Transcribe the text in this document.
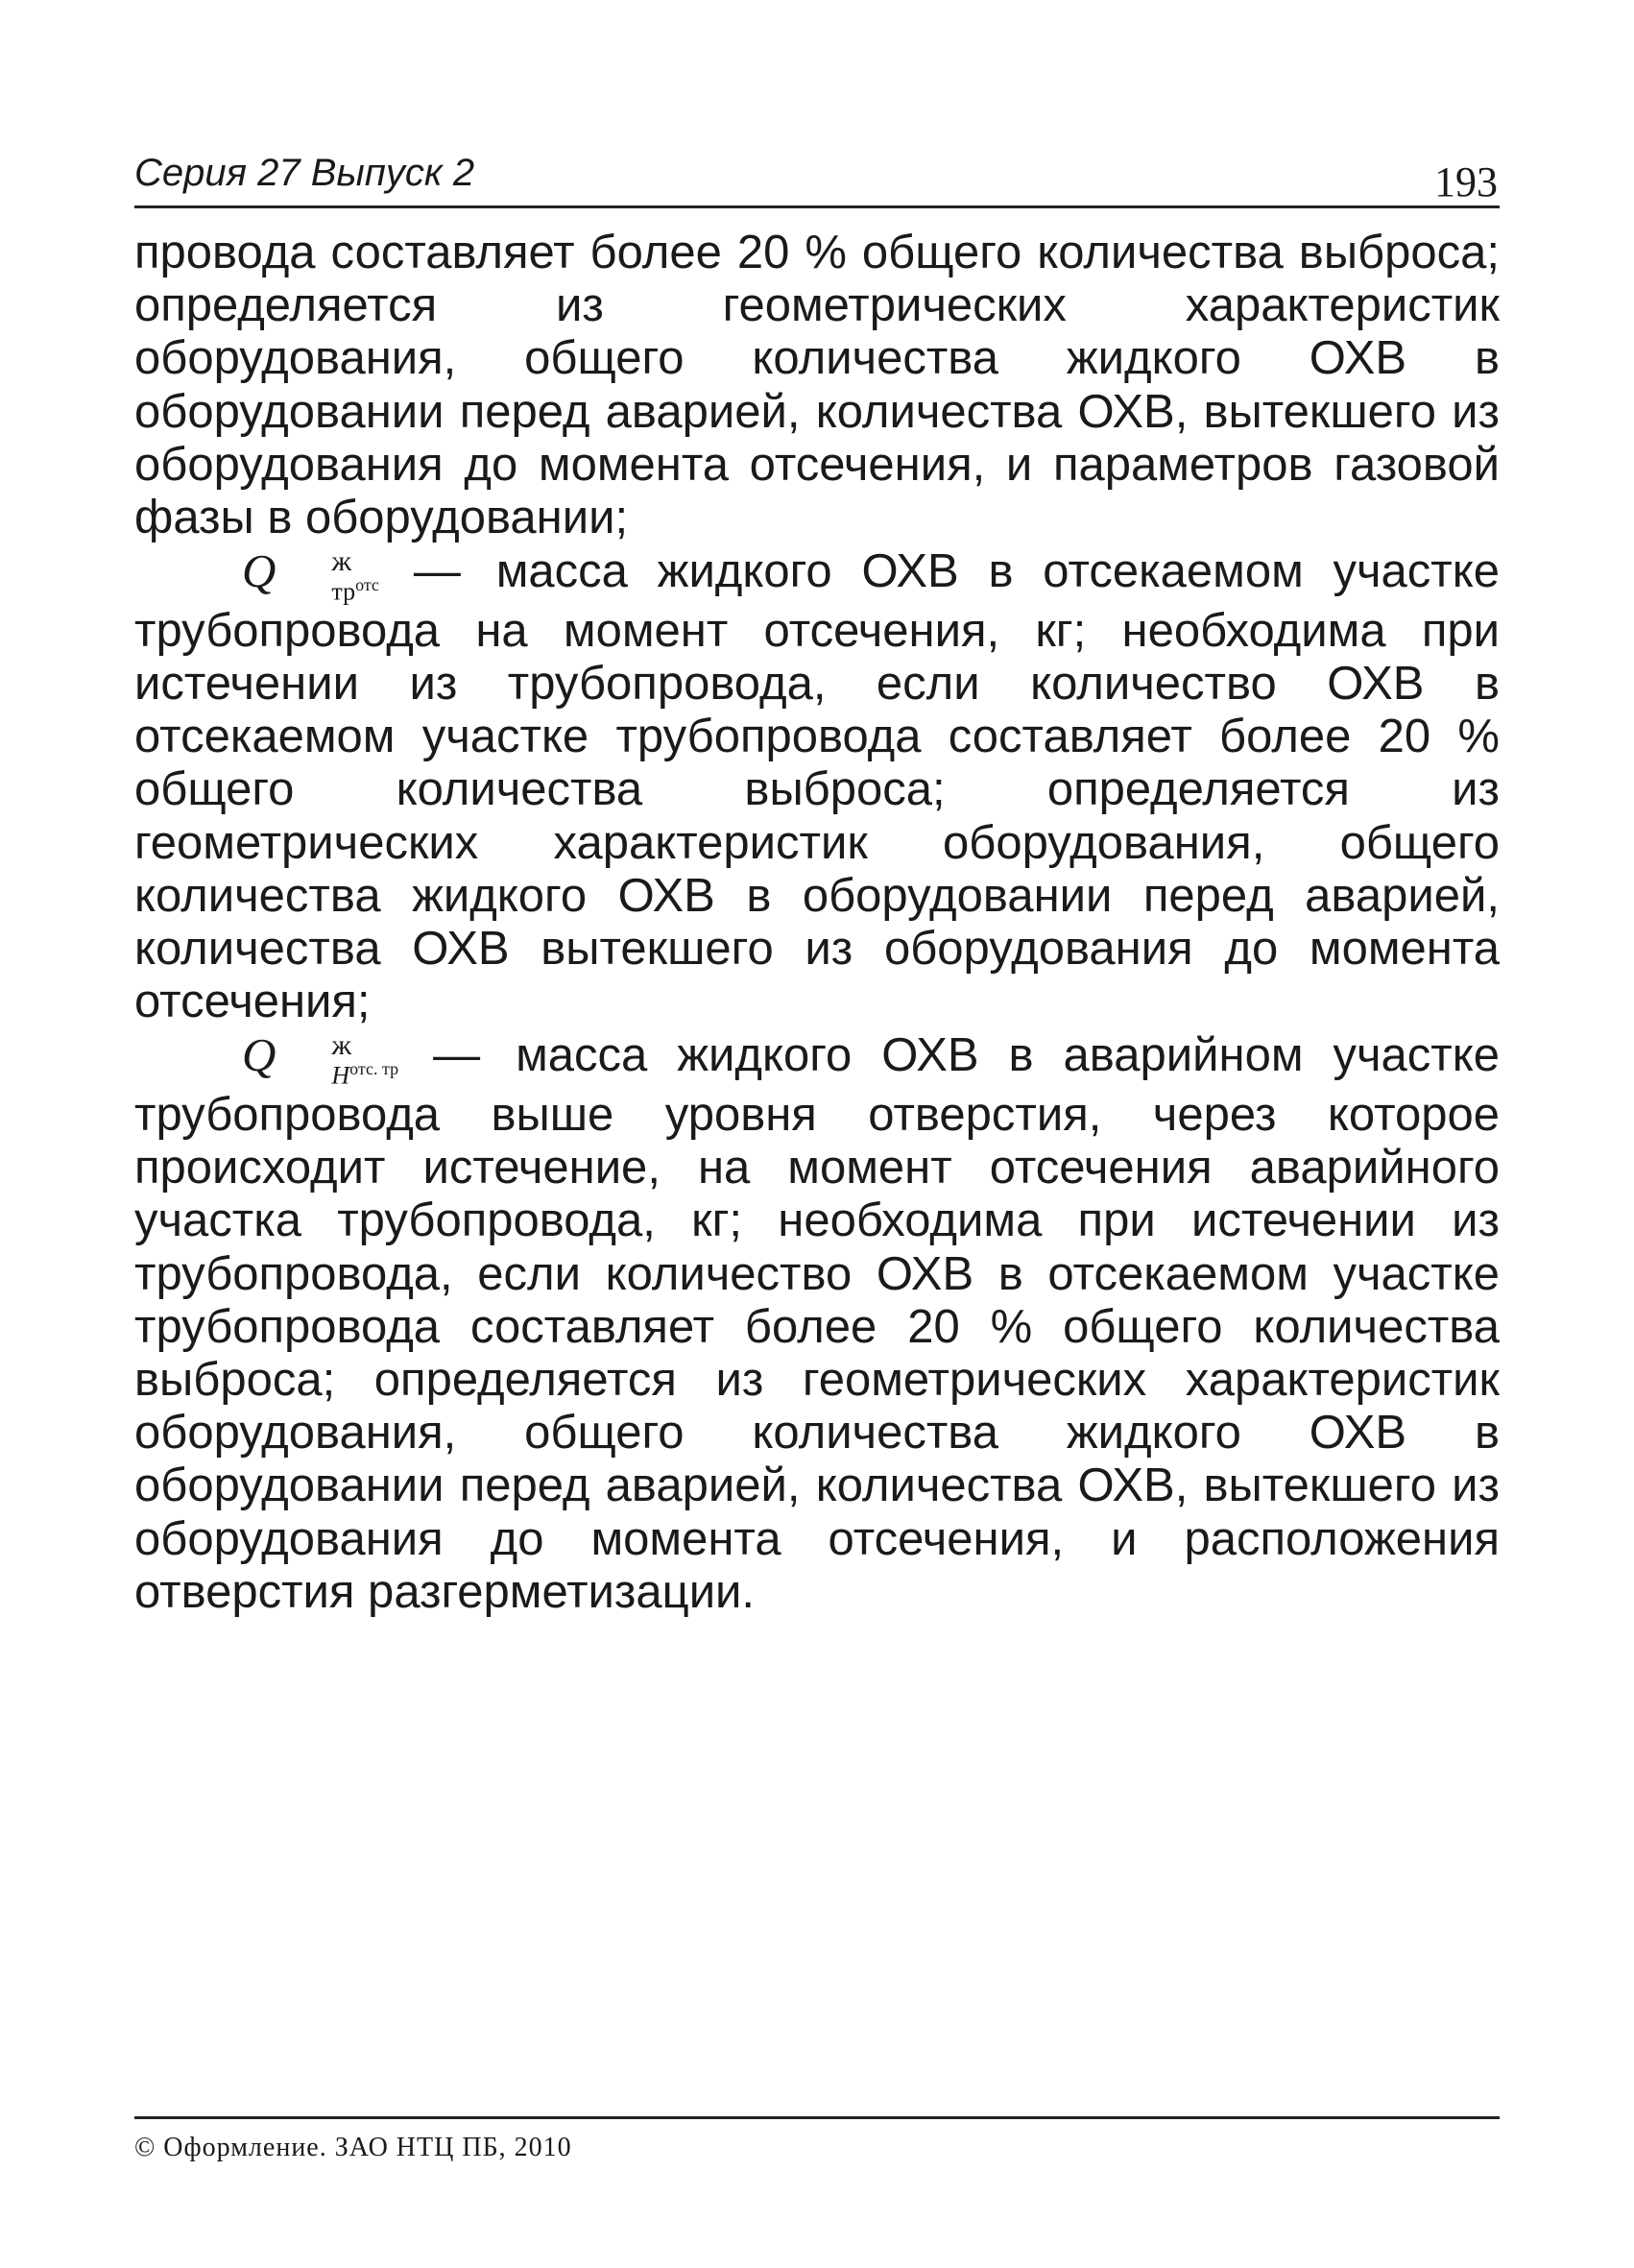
Серия 27 Выпуск 2	193

провода составляет более 20 % общего количества выброса; определяется из геометрических характеристик оборудования, общего количества жидкого ОХВ в оборудовании перед аварией, количества ОХВ, вытекшего из оборудования до момента отсечения, и параметров газовой фазы в оборудовании;

Q	ж
$тр^{отс}$ — масса жидкого ОХВ в отсекаемом участке трубопровода на момент отсечения, кг; необходима при истечении из трубопровода, если количество ОХВ в отсекаемом участке трубопровода составляет более 20 % общего количества выброса; определяется из геометрических характеристик оборудования, общего количества жидкого ОХВ в оборудовании перед аварией, количества ОХВ вытекшего из оборудования до момента отсечения;

Q	ж
$H^{отс. тр}$ — масса жидкого ОХВ в аварийном участке трубопровода выше уровня отверстия, через которое происходит истечение, на момент отсечения аварийного участка трубопровода, кг; необходима при истечении из трубопровода, если количество ОХВ в отсекаемом участке трубопровода составляет более 20 % общего количества выброса; определяется из геометрических характеристик оборудования, общего количества жидкого ОХВ в оборудовании перед аварией, количества ОХВ, вытекшего из оборудования до момента отсечения, и расположения отверстия разгерметизации.

© Оформление. ЗАО НТЦ ПБ, 2010
